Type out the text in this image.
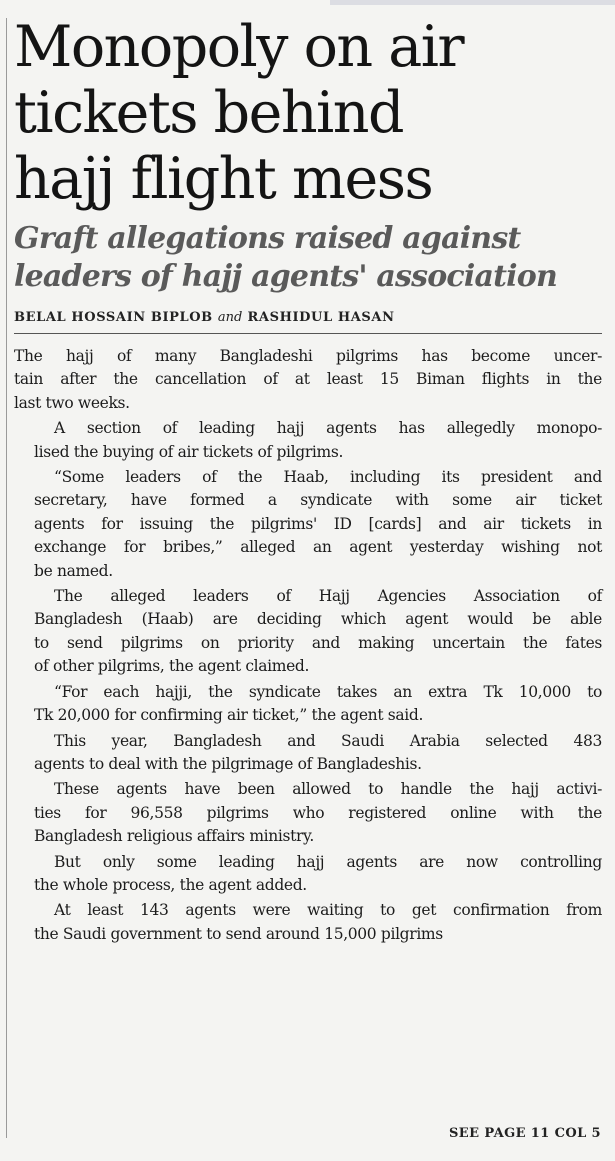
Monopoly on air
tickets behind
hajj flight mess
Graft allegations raised against
leaders of hajj agents' association
BELAL HOSSAIN BIPLOB and RASHIDUL HASAN

The hajj of many Bangladeshi pilgrims has become uncer-
tain after the cancellation of at least 15 Biman flights in the
last two weeks.

A section of leading hajj agents has allegedly monopo-
lised the buying of air tickets of pilgrims.

“Some leaders of the Haab, including its president and
secretary, have formed a syndicate with some air ticket
agents for issuing the pilgrims' ID [cards] and air tickets in
exchange for bribes,” alleged an agent yesterday wishing not
be named.

The alleged leaders of Hajj Agencies Association of
Bangladesh (Haab) are deciding which agent would be able
to send pilgrims on priority and making uncertain the fates
of other pilgrims, the agent claimed.

“For each hajji, the syndicate takes an extra Tk 10,000 to
Tk 20,000 for confirming air ticket,” the agent said.

This year, Bangladesh and Saudi Arabia selected 483
agents to deal with the pilgrimage of Bangladeshis.

These agents have been allowed to handle the hajj activi-
ties for 96,558 pilgrims who registered online with the
Bangladesh religious affairs ministry.

But only some leading hajj agents are now controlling
the whole process, the agent added.

At least 143 agents were waiting to get confirmation from
the Saudi government to send around 15,000 pilgrims

SEE PAGE 11 COL 5
